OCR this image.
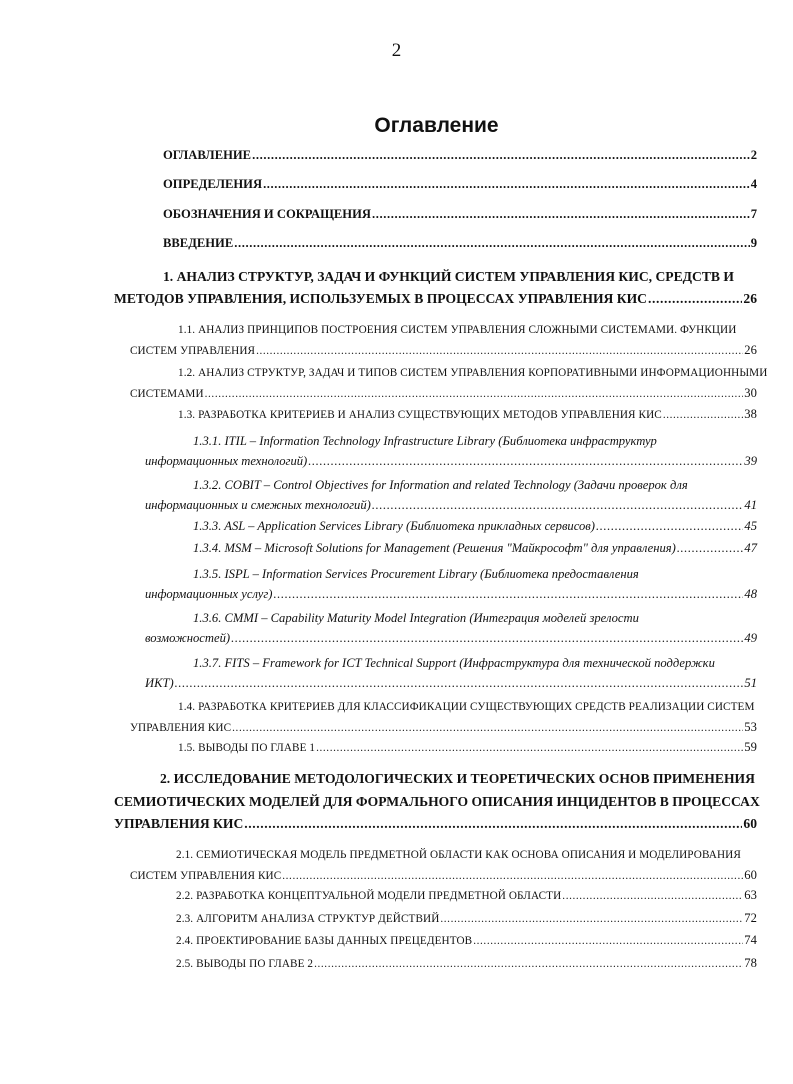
2
Оглавление
ОГЛАВЛЕНИЕ .....	2
ОПРЕДЕЛЕНИЯ .....	4
ОБОЗНАЧЕНИЯ И СОКРАЩЕНИЯ .....	7
ВВЕДЕНИЕ .....	9
1. АНАЛИЗ СТРУКТУР, ЗАДАЧ И ФУНКЦИЙ СИСТЕМ УПРАВЛЕНИЯ КИС, СРЕДСТВ И
МЕТОДОВ УПРАВЛЕНИЯ, ИСПОЛЬЗУЕМЫХ В ПРОЦЕССАХ УПРАВЛЕНИЯ КИС .....	26
1.1. АНАЛИЗ ПРИНЦИПОВ ПОСТРОЕНИЯ СИСТЕМ УПРАВЛЕНИЯ СЛОЖНЫМИ СИСТЕМАМИ. ФУНКЦИИ
СИСТЕМ УПРАВЛЕНИЯ .....	26
1.2. АНАЛИЗ СТРУКТУР, ЗАДАЧ И ТИПОВ СИСТЕМ УПРАВЛЕНИЯ КОРПОРАТИВНЫМИ ИНФОРМАЦИОННЫМИ
СИСТЕМАМИ .....	30
1.3. РАЗРАБОТКА КРИТЕРИЕВ И АНАЛИЗ СУЩЕСТВУЮЩИХ МЕТОДОВ УПРАВЛЕНИЯ КИС .....	38
1.3.1. ITIL – Information Technology Infrastructure Library (Библиотека инфраструктур
информационных технологий) .....	39
1.3.2. COBIT – Control Objectives for Information and related Technology (Задачи проверок для
информационных и смежных технологий) .....	41
1.3.3. ASL – Application Services Library (Библиотека прикладных сервисов) .....	45
1.3.4. MSM – Microsoft Solutions for Management (Решения "Майкрософт" для управления) .....	47
1.3.5. ISPL – Information Services Procurement Library (Библиотека предоставления
информационных услуг) .....	48
1.3.6. CMMI – Capability Maturity Model Integration (Интеграция моделей зрелости
возможностей) .....	49
1.3.7. FITS – Framework for ICT Technical Support (Инфраструктура для технической поддержки
ИКТ) .....	51
1.4. РАЗРАБОТКА КРИТЕРИЕВ ДЛЯ КЛАССИФИКАЦИИ СУЩЕСТВУЮЩИХ СРЕДСТВ РЕАЛИЗАЦИИ СИСТЕМ
УПРАВЛЕНИЯ КИС .....	53
1.5. ВЫВОДЫ ПО ГЛАВЕ 1 .....	59
2. ИССЛЕДОВАНИЕ МЕТОДОЛОГИЧЕСКИХ И ТЕОРЕТИЧЕСКИХ ОСНОВ ПРИМЕНЕНИЯ
СЕМИОТИЧЕСКИХ МОДЕЛЕЙ ДЛЯ ФОРМАЛЬНОГО ОПИСАНИЯ ИНЦИДЕНТОВ В ПРОЦЕССАХ
УПРАВЛЕНИЯ КИС .....	60
2.1. СЕМИОТИЧЕСКАЯ МОДЕЛЬ ПРЕДМЕТНОЙ ОБЛАСТИ КАК ОСНОВА ОПИСАНИЯ И МОДЕЛИРОВАНИЯ
СИСТЕМ УПРАВЛЕНИЯ КИС .....	60
2.2. РАЗРАБОТКА КОНЦЕПТУАЛЬНОЙ МОДЕЛИ ПРЕДМЕТНОЙ ОБЛАСТИ .....	63
2.3. АЛГОРИТМ АНАЛИЗА СТРУКТУР ДЕЙСТВИЙ .....	72
2.4. ПРОЕКТИРОВАНИЕ БАЗЫ ДАННЫХ ПРЕЦЕДЕНТОВ .....	74
2.5. ВЫВОДЫ ПО ГЛАВЕ 2 .....	78
